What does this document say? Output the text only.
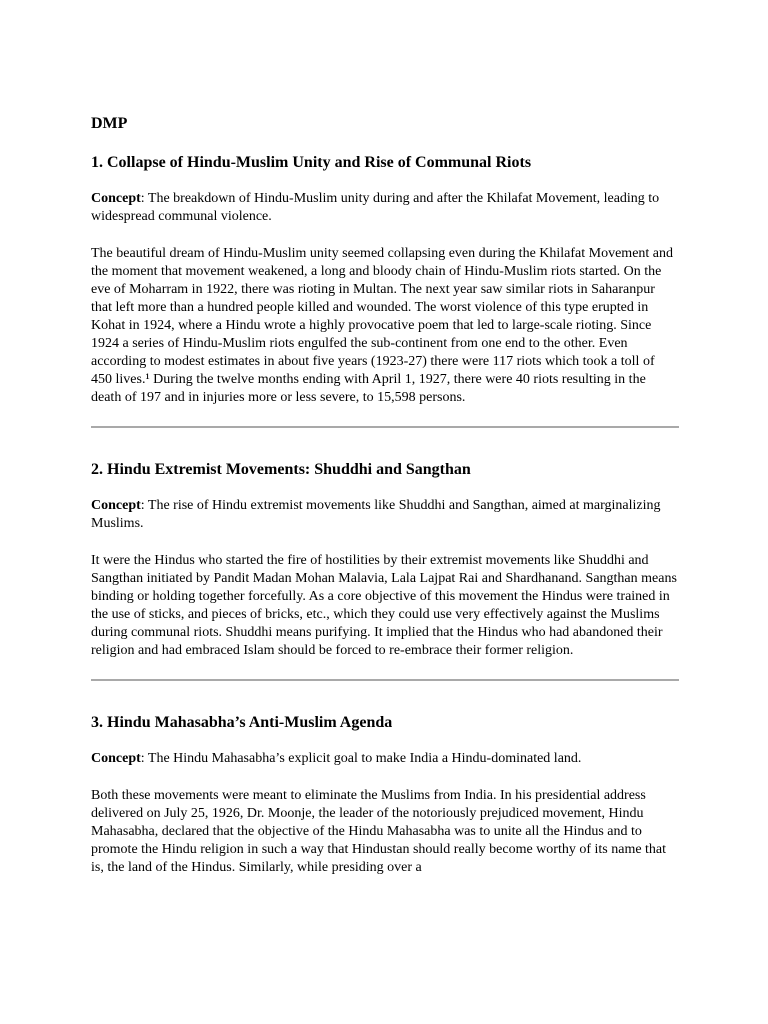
DMP
1. Collapse of Hindu-Muslim Unity and Rise of Communal Riots

Concept: The breakdown of Hindu-Muslim unity during and after the Khilafat Movement, leading to widespread communal violence.

The beautiful dream of Hindu-Muslim unity seemed collapsing even during the Khilafat Movement and the moment that movement weakened, a long and bloody chain of Hindu-Muslim riots started. On the eve of Moharram in 1922, there was rioting in Multan. The next year saw similar riots in Saharanpur that left more than a hundred people killed and wounded. The worst violence of this type erupted in Kohat in 1924, where a Hindu wrote a highly provocative poem that led to large-scale rioting. Since 1924 a series of Hindu-Muslim riots engulfed the sub-continent from one end to the other. Even according to modest estimates in about five years (1923-27) there were 117 riots which took a toll of 450 lives.¹ During the twelve months ending with April 1, 1927, there were 40 riots resulting in the death of 197 and in injuries more or less severe, to 15,598 persons.

2. Hindu Extremist Movements: Shuddhi and Sangthan

Concept: The rise of Hindu extremist movements like Shuddhi and Sangthan, aimed at marginalizing Muslims.

It were the Hindus who started the fire of hostilities by their extremist movements like Shuddhi and Sangthan initiated by Pandit Madan Mohan Malavia, Lala Lajpat Rai and Shardhanand. Sangthan means binding or holding together forcefully. As a core objective of this movement the Hindus were trained in the use of sticks, and pieces of bricks, etc., which they could use very effectively against the Muslims during communal riots. Shuddhi means purifying. It implied that the Hindus who had abandoned their religion and had embraced Islam should be forced to re-embrace their former religion.

3. Hindu Mahasabha’s Anti-Muslim Agenda

Concept: The Hindu Mahasabha’s explicit goal to make India a Hindu-dominated land.

Both these movements were meant to eliminate the Muslims from India. In his presidential address delivered on July 25, 1926, Dr. Moonje, the leader of the notoriously prejudiced movement, Hindu Mahasabha, declared that the objective of the Hindu Mahasabha was to unite all the Hindus and to promote the Hindu religion in such a way that Hindustan should really become worthy of its name that is, the land of the Hindus. Similarly, while presiding over a
